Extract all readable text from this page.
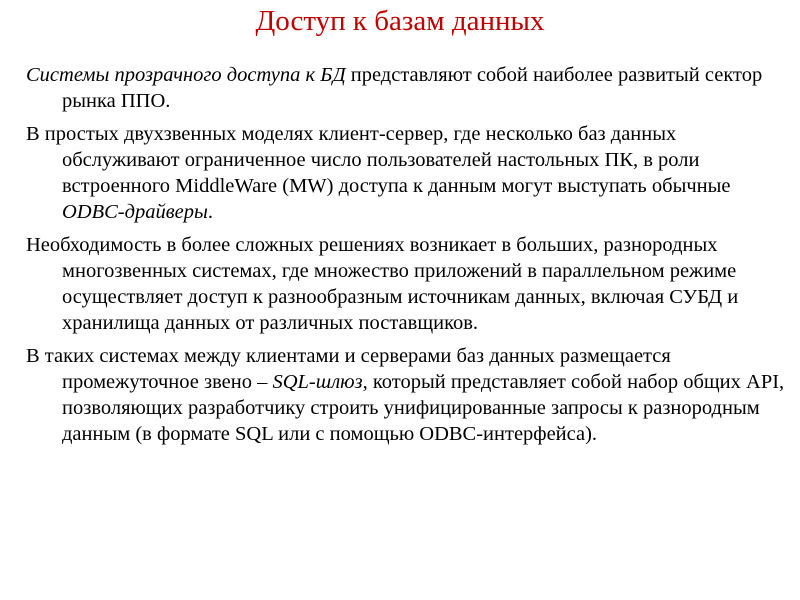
Доступ к базам данных

Системы прозрачного доступа к БД представляют собой наиболее развитый сектор рынка ППО.

В простых двухзвенных моделях клиент-сервер, где несколько баз данных обслуживают ограниченное число пользователей настольных ПК, в роли встроенного MiddleWare (MW) доступа к данным могут выступать обычные ODBC-драйверы.

Необходимость в более сложных решениях возникает в больших, разнородных многозвенных системах, где множество приложений в параллельном режиме осуществляет доступ к разнообразным источникам данных, включая СУБД и хранилища данных от различных поставщиков.

В таких системах между клиентами и серверами баз данных размещается промежуточное звено – SQL-шлюз, который представляет собой набор общих API, позволяющих разработчику строить унифицированные запросы к разнородным данным (в формате SQL или с помощью ODBC-интерфейса).
